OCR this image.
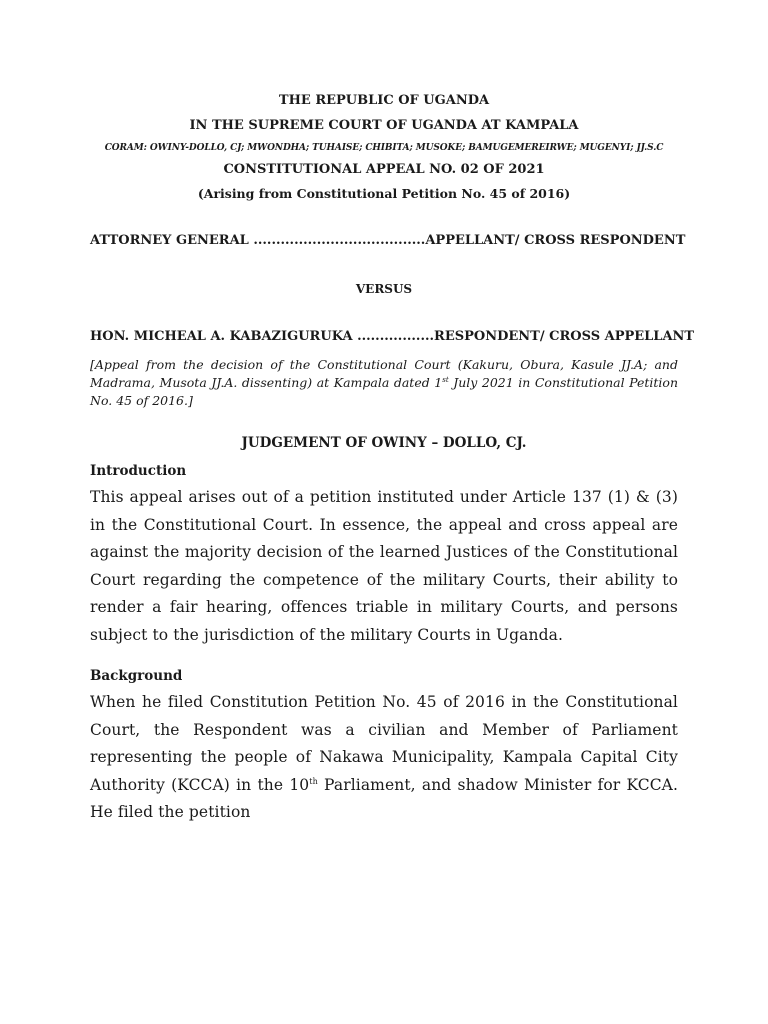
THE REPUBLIC OF UGANDA
IN THE SUPREME COURT OF UGANDA AT KAMPALA
CORAM: OWINY-DOLLO, CJ; MWONDHA; TUHAISE; CHIBITA; MUSOKE; BAMUGEMEREIRWE; MUGENYI; JJ.S.C
CONSTITUTIONAL APPEAL NO. 02 OF 2021
(Arising from Constitutional Petition No. 45 of 2016)
ATTORNEY GENERAL ...................................... APPELLANT/ CROSS RESPONDENT
VERSUS
HON. MICHEAL A. KABAZIGURUKA ................. RESPONDENT/ CROSS APPELLANT
[Appeal from the decision of the Constitutional Court (Kakuru, Obura, Kasule JJ.A; and Madrama, Musota JJ.A. dissenting) at Kampala dated 1st July 2021 in Constitutional Petition No. 45 of 2016.]
JUDGEMENT OF OWINY – DOLLO, CJ.
Introduction
This appeal arises out of a petition instituted under Article 137 (1) & (3) in the Constitutional Court. In essence, the appeal and cross appeal are against the majority decision of the learned Justices of the Constitutional Court regarding the competence of the military Courts, their ability to render a fair hearing, offences triable in military Courts, and persons subject to the jurisdiction of the military Courts in Uganda.
Background
When he filed Constitution Petition No. 45 of 2016 in the Constitutional Court, the Respondent was a civilian and Member of Parliament representing the people of Nakawa Municipality, Kampala Capital City Authority (KCCA) in the 10th Parliament, and shadow Minister for KCCA. He filed the petition
